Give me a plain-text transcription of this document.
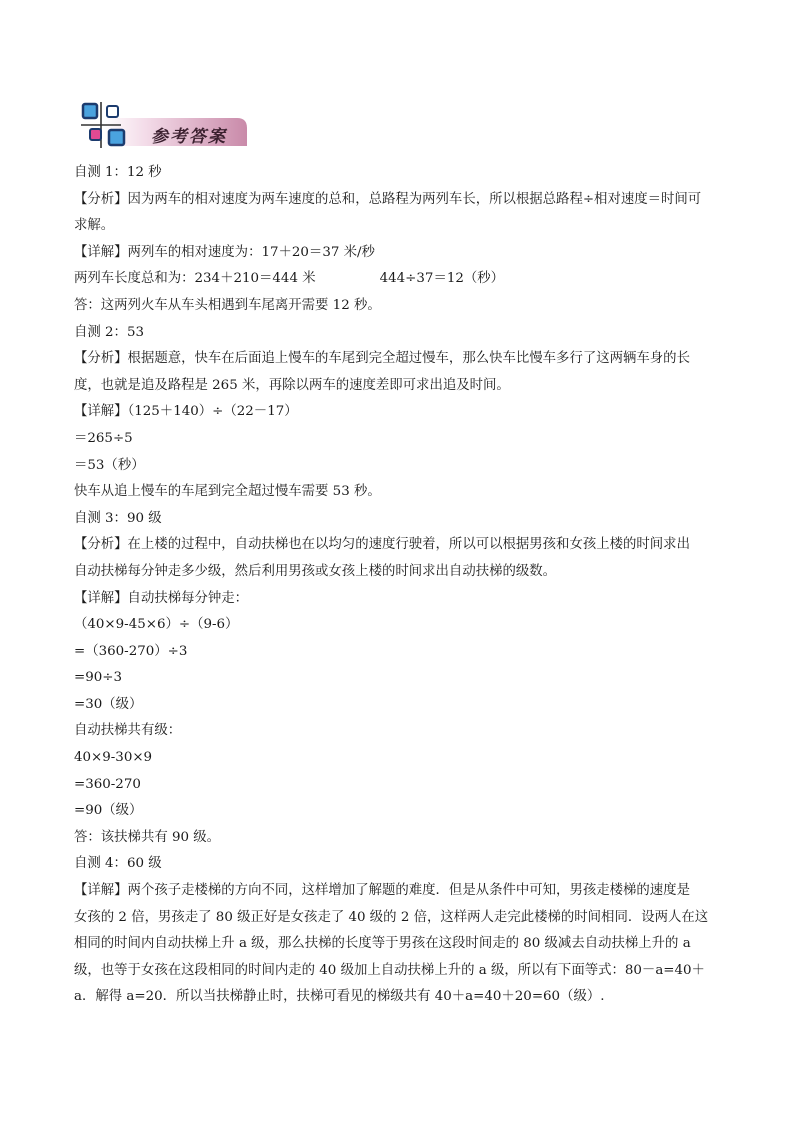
参考答案
自测 1：12 秒
【分析】因为两车的相对速度为两车速度的总和，总路程为两列车长，所以根据总路程÷相对速度＝时间可
求解。
【详解】两列车的相对速度为：17＋20＝37 米/秒
两列车长度总和为：234＋210＝444 米	444÷37＝12（秒）
答：这两列火车从车头相遇到车尾离开需要 12 秒。
自测 2：53
【分析】根据题意，快车在后面追上慢车的车尾到完全超过慢车，那么快车比慢车多行了这两辆车身的长
度，也就是追及路程是 265 米，再除以两车的速度差即可求出追及时间。
【详解】（125＋140）÷（22－17）
＝265÷5
＝53（秒）
快车从追上慢车的车尾到完全超过慢车需要 53 秒。
自测 3：90 级
【分析】在上楼的过程中，自动扶梯也在以均匀的速度行驶着，所以可以根据男孩和女孩上楼的时间求出
自动扶梯每分钟走多少级，然后利用男孩或女孩上楼的时间求出自动扶梯的级数。
【详解】自动扶梯每分钟走：
（40×9-45×6）÷（9-6）
=（360-270）÷3
=90÷3
=30（级）
自动扶梯共有级：
40×9-30×9
=360-270
=90（级）
答：该扶梯共有 90 级。
自测 4：60 级
【详解】两个孩子走楼梯的方向不同，这样增加了解题的难度．但是从条件中可知，男孩走楼梯的速度是
女孩的 2 倍，男孩走了 80 级正好是女孩走了 40 级的 2 倍，这样两人走完此楼梯的时间相同．设两人在这
相同的时间内自动扶梯上升 a 级，那么扶梯的长度等于男孩在这段时间走的 80 级减去自动扶梯上升的 a
级，也等于女孩在这段相同的时间内走的 40 级加上自动扶梯上升的 a 级，所以有下面等式：80－a=40＋
a．解得 a=20．所以当扶梯静止时，扶梯可看见的梯级共有 40＋a=40＋20=60（级）.
